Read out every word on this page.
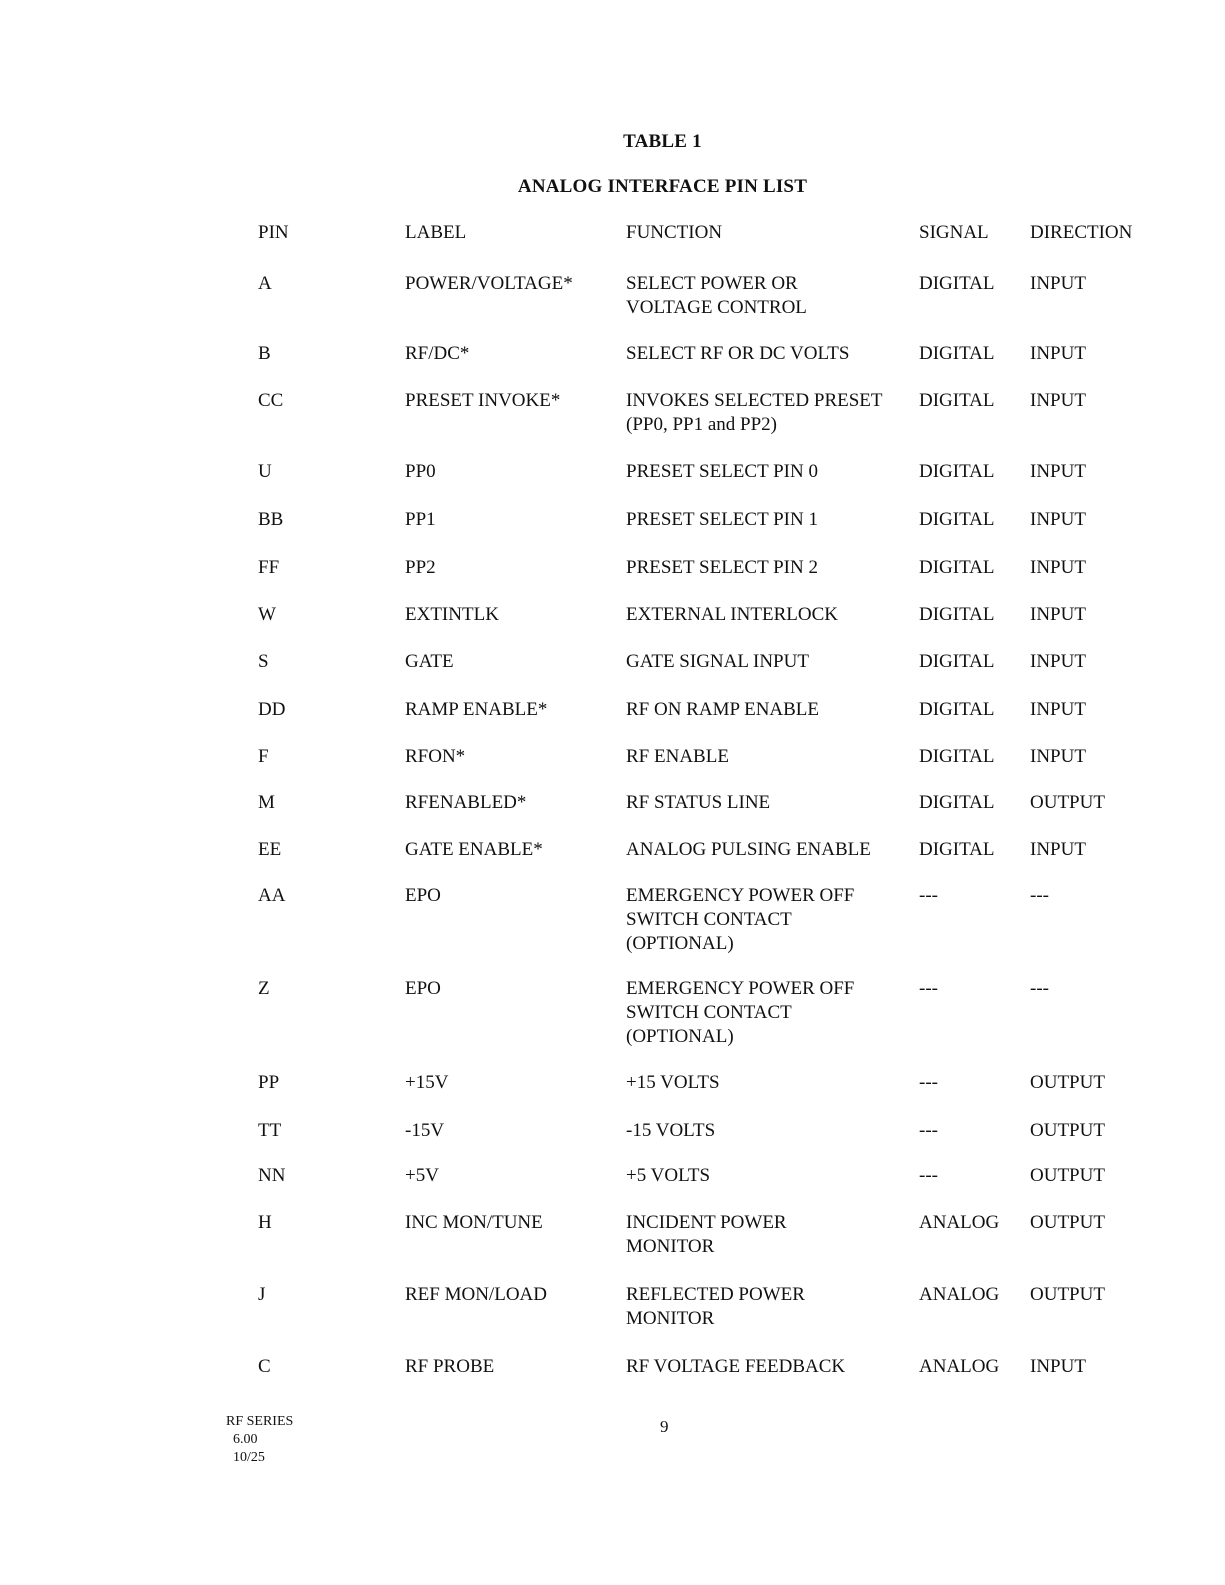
TABLE 1
ANALOG INTERFACE PIN LIST
PIN	LABEL	FUNCTION	SIGNAL DIRECTION
A	POWER/VOLTAGE*	SELECT POWER OR
VOLTAGE CONTROL
DIGITAL INPUT
B	RF/DC*	SELECT RF OR DC VOLTS	DIGITAL INPUT
CC	PRESET INVOKE*	INVOKES SELECTED PRESET
(PP0, PP1 and PP2)
DIGITAL INPUT
U	PP0	PRESET SELECT PIN 0	DIGITAL INPUT
BB	PP1	PRESET SELECT PIN 1	DIGITAL INPUT
FF	PP2	PRESET SELECT PIN 2	DIGITAL INPUT
W	EXTINTLK	EXTERNAL INTERLOCK	DIGITAL INPUT
S	GATE	GATE SIGNAL INPUT	DIGITAL INPUT
DD	RAMP ENABLE*	RF ON RAMP ENABLE	DIGITAL INPUT
F	RFON*	RF ENABLE	DIGITAL INPUT
M	RFENABLED*	RF STATUS LINE	DIGITAL OUTPUT
EE	GATE ENABLE*	ANALOG PULSING ENABLE	DIGITAL INPUT
AA	EPO	EMERGENCY POWER OFF
SWITCH CONTACT
(OPTIONAL)
---	---
Z	EPO	EMERGENCY POWER OFF
SWITCH CONTACT
(OPTIONAL)
---	---
PP	+15V	+15 VOLTS	---	OUTPUT
TT	-15V	-15 VOLTS	---	OUTPUT
NN	+5V	+5 VOLTS	---	OUTPUT
H	INC MON/TUNE	INCIDENT POWER
MONITOR
ANALOG OUTPUT
J	REF MON/LOAD	REFLECTED POWER
MONITOR
ANALOG OUTPUT
C	RF PROBE	RF VOLTAGE FEEDBACK	ANALOG INPUT
RF SERIES
6.00
10/25
9
